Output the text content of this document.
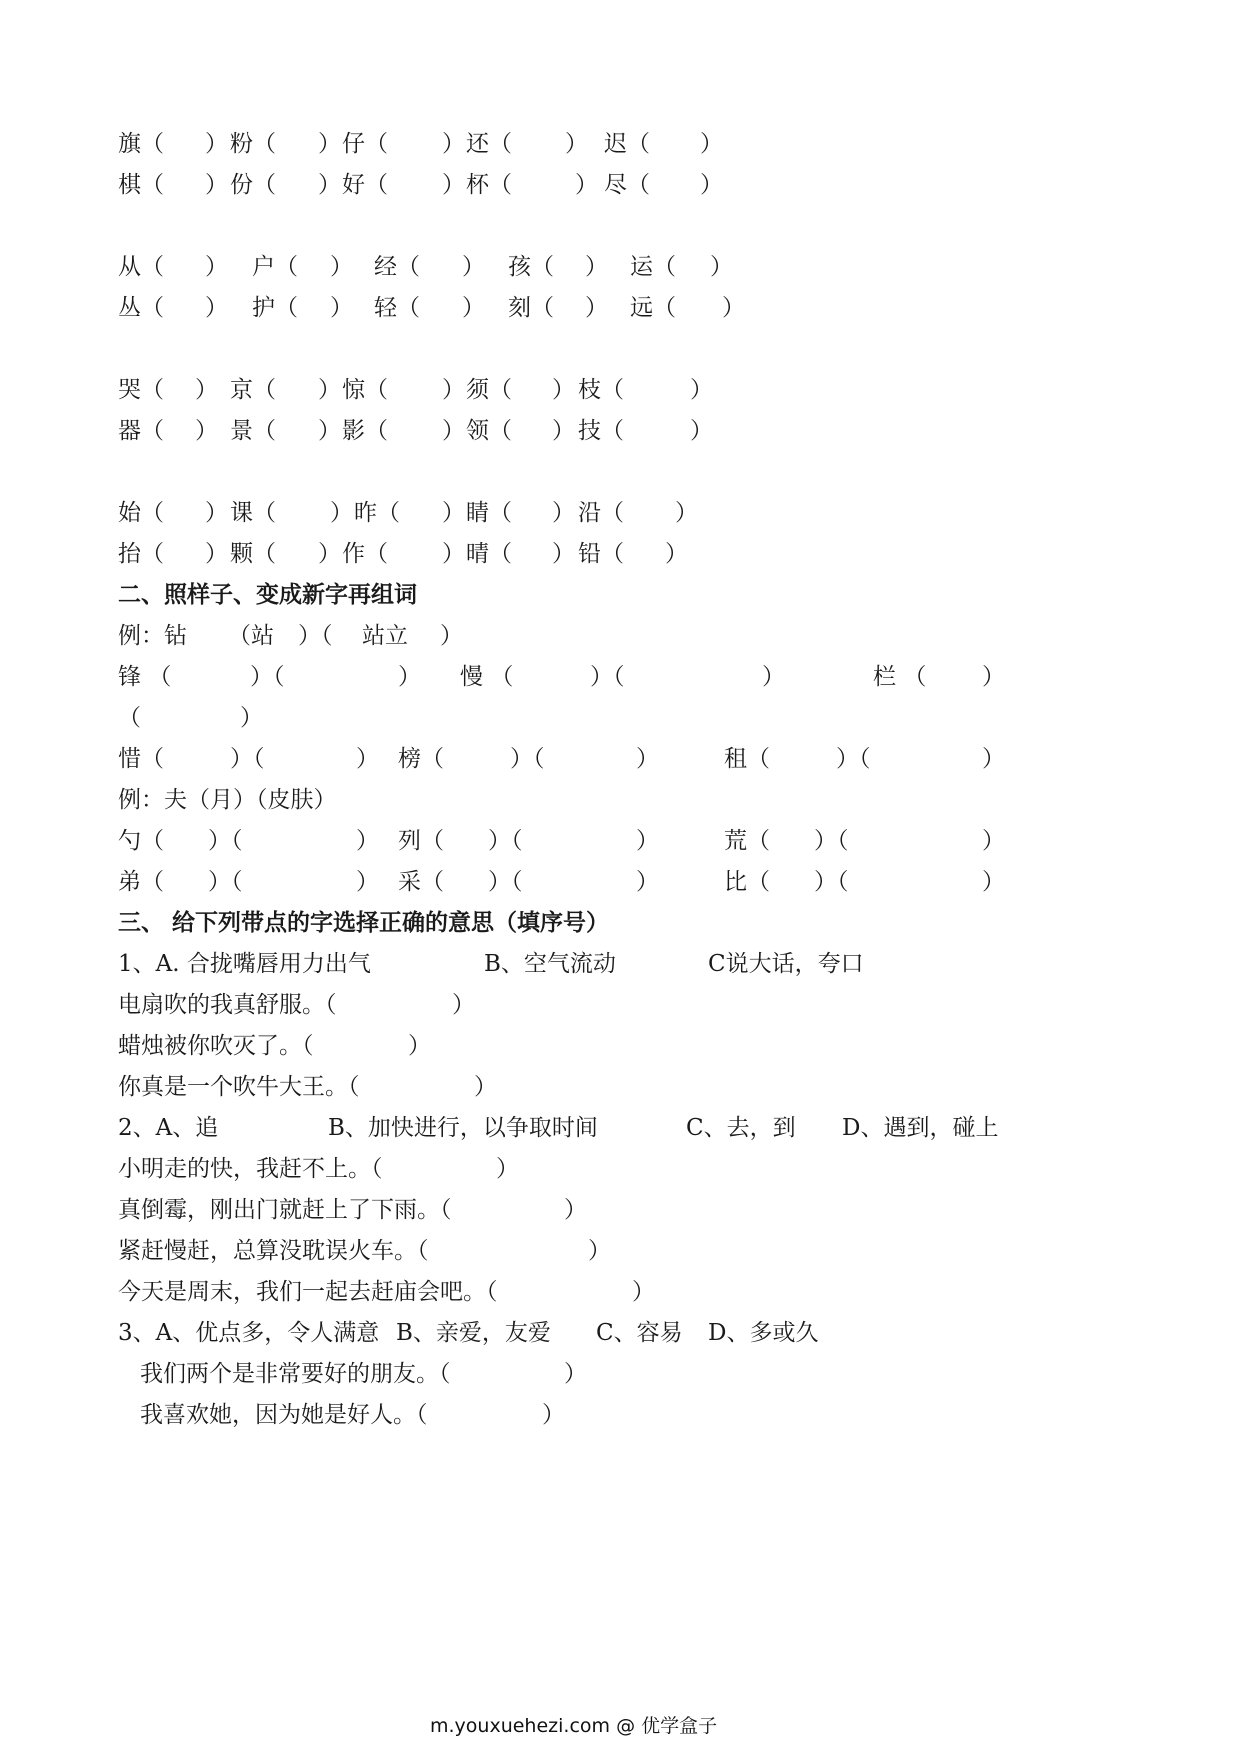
旗（ ） 粉（ ） 仔（ ） 还（ ） 迟（ ）
棋（ ） 份（ ） 好（ ） 杯（	） 尽（ ）
从（ ） 户（ ） 经（ ） 孩（ ） 运（ ）
丛（ ） 护（ ） 轻（ ） 刻（ ） 远（ ）
哭（ ） 京（ ） 惊（ ） 须（ ） 枝（	）
器（ ） 景（ ） 影（ ） 领（ ） 技（	）
始（ ） 课（ ） 昨（ ） 睛（ ） 沿（ ）
抬（ ） 颗（ ） 作（ ） 晴（ ） 铅（ ）
二、照样子、变成新字再组词
例：钻 （站 ）（ 站立 ）
锋 （	）（	） 慢 （	）（	）	栏 （ ）
（	）
惜（	）（	） 榜（	）（	）	租（	）（	）
例：夫（月）（皮肤）
勺（ ）（	） 列（ ）（	）	荒（ ）（	）
弟（ ）（	） 采（ ）（	）	比（ ）（	）
三、 给下列带点的字选择正确的意思（填序号）
1、A. 合拢嘴唇用力出气	B、空气流动	C说大话，夸口
电扇吹的我真舒服。（	）
蜡烛被你吹灭了。（	）
你真是一个吹牛大王。（	）
2、A、追	B、加快进行，以争取时间	C、去，到 D、遇到，碰上
小明走的快，我赶不上。（	）
真倒霉，刚出门就赶上了下雨。（	）
紧赶慢赶，总算没耽误火车。（	）
今天是周末，我们一起去赶庙会吧。（	）
3、A、优点多，令人满意 B、亲爱，友爱 C、容易 D、多或久
我们两个是非常要好的朋友。（	）
我喜欢她，因为她是好人。（	）
m.youxuehezi.com @ 优学盒子
